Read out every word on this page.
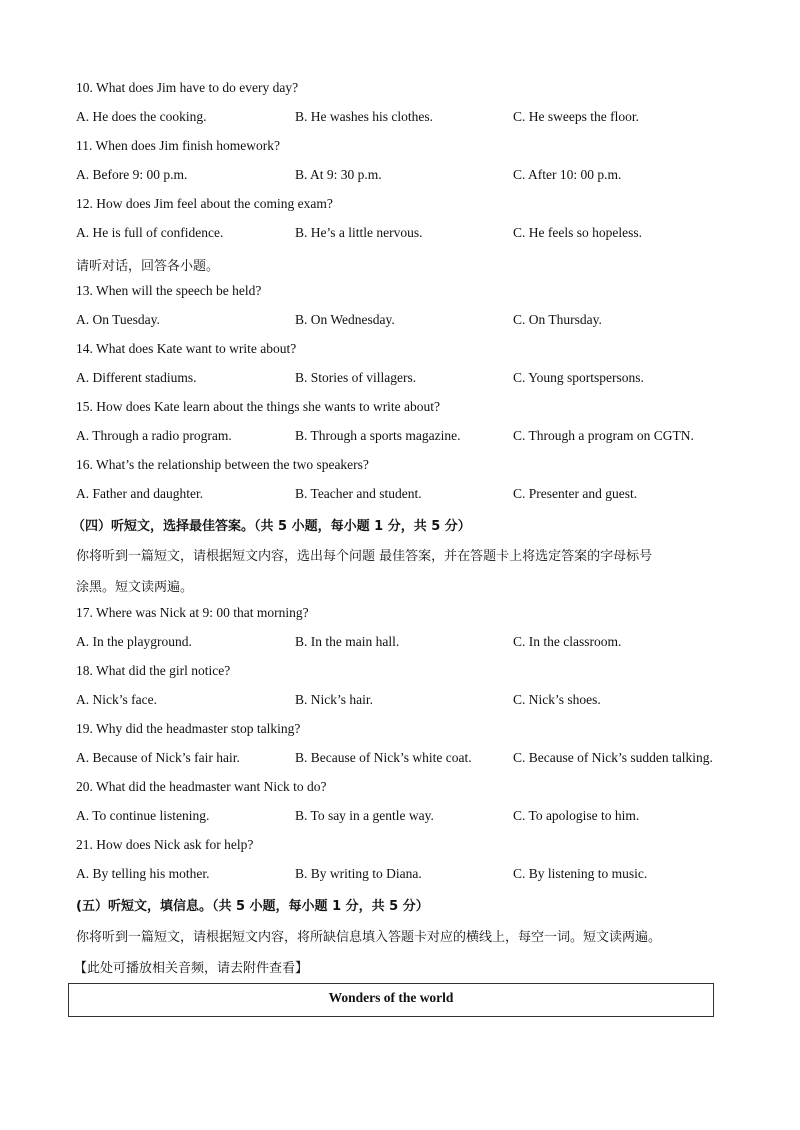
10. What does Jim have to do every day?
A. He does the cooking.	B. He washes his clothes.	C. He sweeps the floor.
11. When does Jim finish homework?
A. Before 9: 00 p.m.	B. At 9: 30 p.m.	C. After 10: 00 p.m.
12. How does Jim feel about the coming exam?
A. He is full of confidence.	B. He’s a little nervous.	C. He feels so hopeless.
请听对话，回答各小题。
13. When will the speech be held?
A. On Tuesday.	B. On Wednesday.	C. On Thursday.
14. What does Kate want to write about?
A. Different stadiums.	B. Stories of villagers.	C. Young sportspersons.
15. How does Kate learn about the things she wants to write about?
A. Through a radio program.	B. Through a sports magazine.	C. Through a program on CGTN.
16. What’s the relationship between the two speakers?
A. Father and daughter.	B. Teacher and student.	C. Presenter and guest.
（四）听短文，选择最佳答案。（共 5 小题，每小题 1 分，共 5 分）
你将听到一篇短文，请根据短文内容，选出每个问题 最佳答案，并在答题卡上将选定答案的字母标号
涂黑。短文读两遍。
17. Where was Nick at 9: 00 that morning?
A. In the playground.	B. In the main hall.	C. In the classroom.
18. What did the girl notice?
A. Nick’s face.	B. Nick’s hair.	C. Nick’s shoes.
19. Why did the headmaster stop talking?
A. Because of Nick’s fair hair.	B. Because of Nick’s white coat.	C. Because of Nick’s sudden talking.
20. What did the headmaster want Nick to do?
A. To continue listening.	B. To say in a gentle way.	C. To apologise to him.
21. How does Nick ask for help?
A. By telling his mother.	B. By writing to Diana.	C. By listening to music.
(五）听短文，填信息。（共 5 小题，每小题 1 分，共 5 分）
你将听到一篇短文，请根据短文内容，将所缺信息填入答题卡对应的横线上，每空一词。短文读两遍。
【此处可播放相关音频，请去附件查看】
Wonders of the world
